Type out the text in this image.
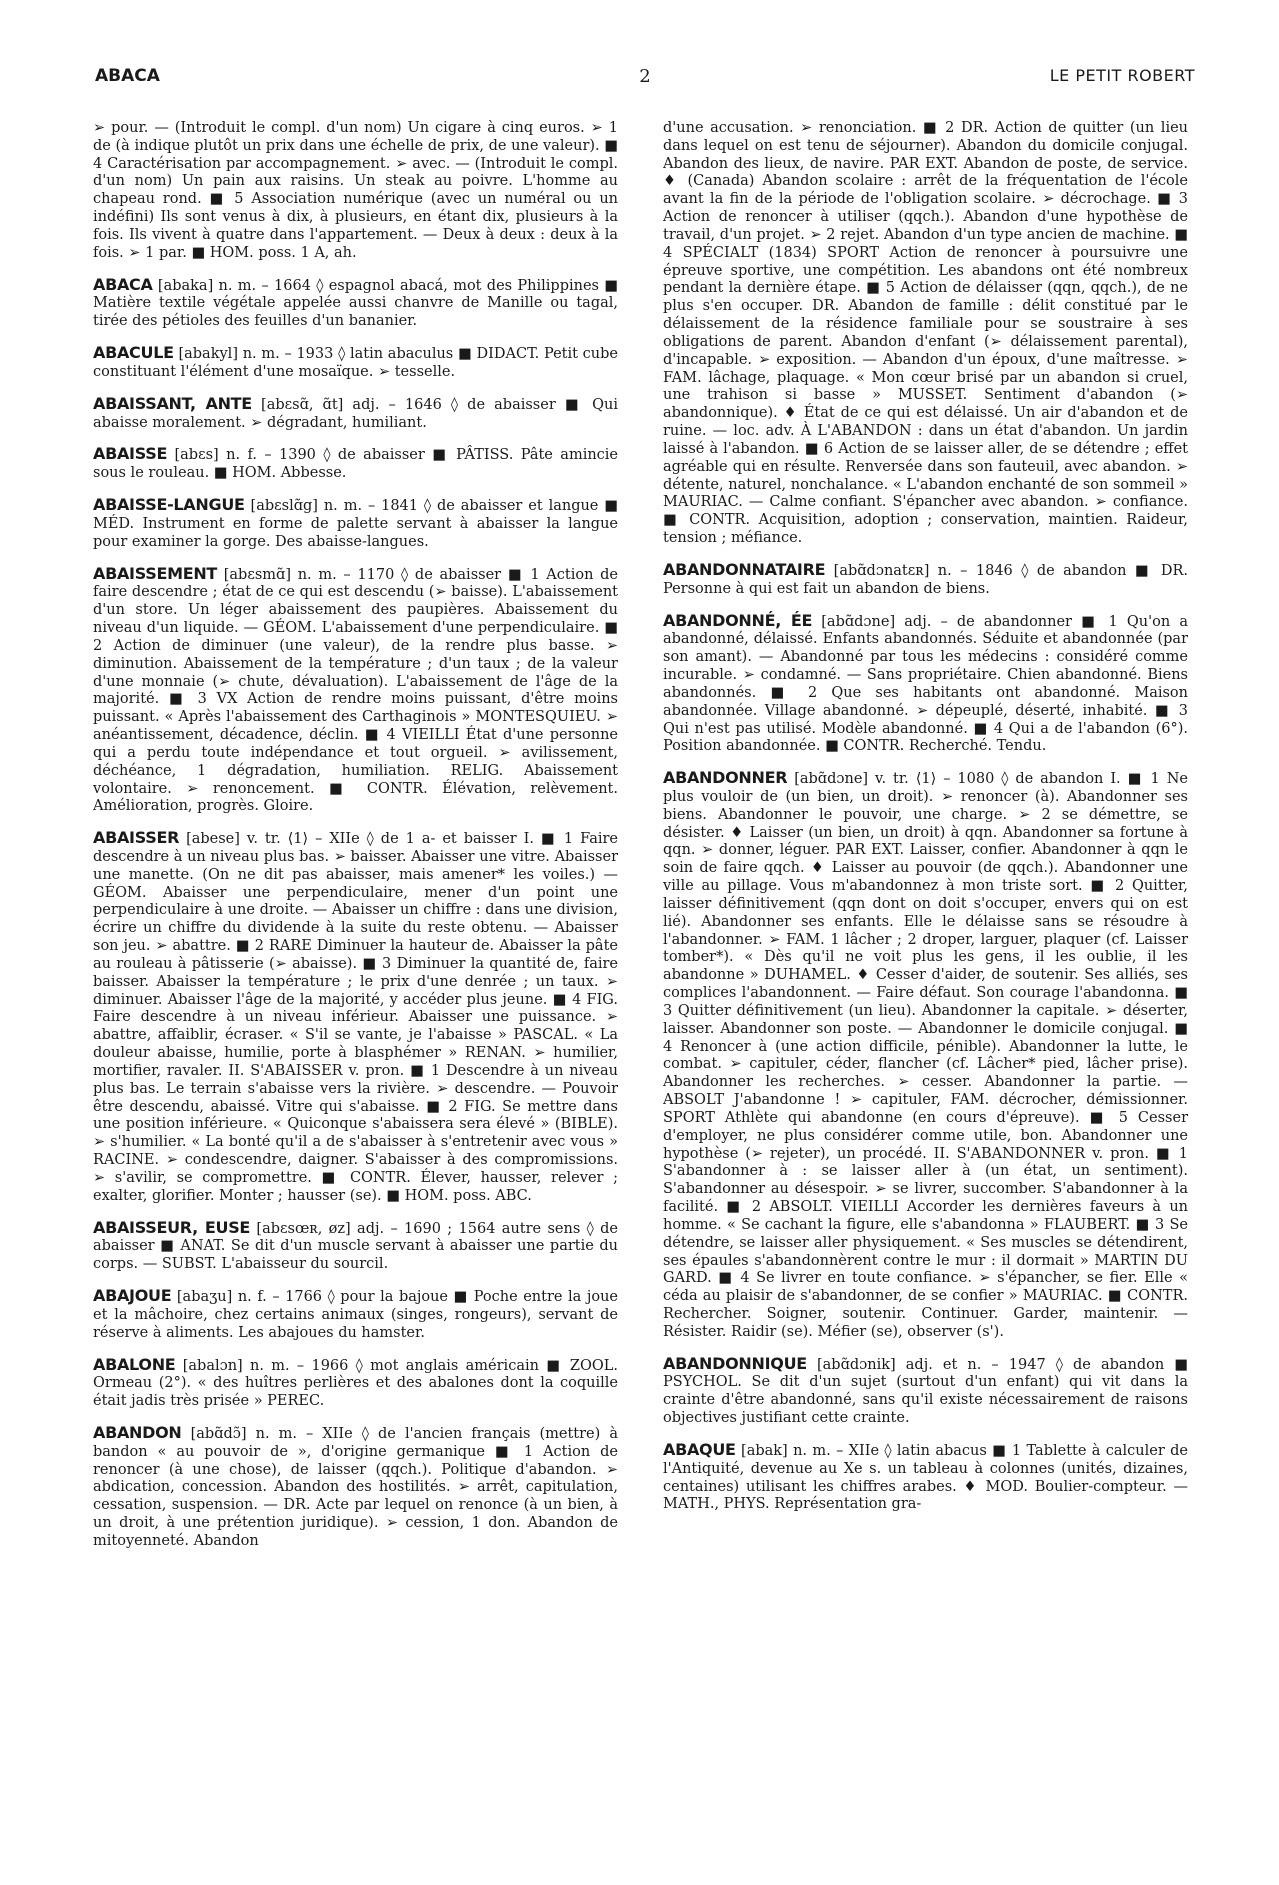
ABACA	2	LE PETIT ROBERT

➢ pour. — (Introduit le compl. d'un nom) Un cigare à cinq euros. ➢ 1 de (à indique plutôt un prix dans une échelle de prix, de une valeur). ■ 4 Caractérisation par accompagnement. ➢ avec. — (Introduit le compl. d'un nom) Un pain aux raisins. Un steak au poivre. L'homme au chapeau rond. ■ 5 Association numérique (avec un numéral ou un indéfini) Ils sont venus à dix, à plusieurs, en étant dix, plusieurs à la fois. Ils vivent à quatre dans l'appartement. — Deux à deux : deux à la fois. ➢ 1 par. ■ HOM. poss. 1 A, ah.

ABACA [abaka] n. m. – 1664 ◊ espagnol abacá, mot des Philippines ■ Matière textile végétale appelée aussi chanvre de Manille ou tagal, tirée des pétioles des feuilles d'un bananier.

ABACULE [abakyl] n. m. – 1933 ◊ latin abaculus ■ DIDACT. Petit cube constituant l'élément d'une mosaïque. ➢ tesselle.

ABAISSANT, ANTE [abɛsɑ̃, ɑ̃t] adj. – 1646 ◊ de abaisser ■ Qui abaisse moralement. ➢ dégradant, humiliant.

ABAISSE [abɛs] n. f. – 1390 ◊ de abaisser ■ PÂTISS. Pâte amincie sous le rouleau. ■ HOM. Abbesse.

ABAISSE-LANGUE [abɛslɑ̃g] n. m. – 1841 ◊ de abaisser et langue ■ MÉD. Instrument en forme de palette servant à abaisser la langue pour examiner la gorge. Des abaisse-langues.

ABAISSEMENT [abɛsmɑ̃] n. m. – 1170 ◊ de abaisser ■ 1 Action de faire descendre ; état de ce qui est descendu (➢ baisse). L'abaissement d'un store. Un léger abaissement des paupières. Abaissement du niveau d'un liquide. — GÉOM. L'abaissement d'une perpendiculaire. ■ 2 Action de diminuer (une valeur), de la rendre plus basse. ➢ diminution. Abaissement de la température ; d'un taux ; de la valeur d'une monnaie (➢ chute, dévaluation). L'abaissement de l'âge de la majorité. ■ 3 VX Action de rendre moins puissant, d'être moins puissant. « Après l'abaissement des Carthaginois » MONTESQUIEU. ➢ anéantissement, décadence, déclin. ■ 4 VIEILLI État d'une personne qui a perdu toute indépendance et tout orgueil. ➢ avilissement, déchéance, 1 dégradation, humiliation. RELIG. Abaissement volontaire. ➢ renoncement. ■ CONTR. Élévation, relèvement. Amélioration, progrès. Gloire.

ABAISSER [abese] v. tr. ⟨1⟩ – XIIe ◊ de 1 a- et baisser I. ■ 1 Faire descendre à un niveau plus bas. ➢ baisser. Abaisser une vitre. Abaisser une manette. (On ne dit pas abaisser, mais amener* les voiles.) — GÉOM. Abaisser une perpendiculaire, mener d'un point une perpendiculaire à une droite. — Abaisser un chiffre : dans une division, écrire un chiffre du dividende à la suite du reste obtenu. — Abaisser son jeu. ➢ abattre. ■ 2 RARE Diminuer la hauteur de. Abaisser la pâte au rouleau à pâtisserie (➢ abaisse). ■ 3 Diminuer la quantité de, faire baisser. Abaisser la température ; le prix d'une denrée ; un taux. ➢ diminuer. Abaisser l'âge de la majorité, y accéder plus jeune. ■ 4 FIG. Faire descendre à un niveau inférieur. Abaisser une puissance. ➢ abattre, affaiblir, écraser. « S'il se vante, je l'abaisse » PASCAL. « La douleur abaisse, humilie, porte à blasphémer » RENAN. ➢ humilier, mortifier, ravaler. II. S'ABAISSER v. pron. ■ 1 Descendre à un niveau plus bas. Le terrain s'abaisse vers la rivière. ➢ descendre. — Pouvoir être descendu, abaissé. Vitre qui s'abaisse. ■ 2 FIG. Se mettre dans une position inférieure. « Quiconque s'abaissera sera élevé » (BIBLE). ➢ s'humilier. « La bonté qu'il a de s'abaisser à s'entretenir avec vous » RACINE. ➢ condescendre, daigner. S'abaisser à des compromissions. ➢ s'avilir, se compromettre. ■ CONTR. Élever, hausser, relever ; exalter, glorifier. Monter ; hausser (se). ■ HOM. poss. ABC.

ABAISSEUR, EUSE [abɛsœʀ, øz] adj. – 1690 ; 1564 autre sens ◊ de abaisser ■ ANAT. Se dit d'un muscle servant à abaisser une partie du corps. — SUBST. L'abaisseur du sourcil.

ABAJOUE [abaʒu] n. f. – 1766 ◊ pour la bajoue ■ Poche entre la joue et la mâchoire, chez certains animaux (singes, rongeurs), servant de réserve à aliments. Les abajoues du hamster.

ABALONE [abalɔn] n. m. – 1966 ◊ mot anglais américain ■ ZOOL. Ormeau (2°). « des huîtres perlières et des abalones dont la coquille était jadis très prisée » PEREC.

ABANDON [abɑ̃dɔ̃] n. m. – XIIe ◊ de l'ancien français (mettre) à bandon « au pouvoir de », d'origine germanique ■ 1 Action de renoncer (à une chose), de laisser (qqch.). Politique d'abandon. ➢ abdication, concession. Abandon des hostilités. ➢ arrêt, capitulation, cessation, suspension. — DR. Acte par lequel on renonce (à un bien, à un droit, à une prétention juridique). ➢ cession, 1 don. Abandon de mitoyenneté. Abandon

d'une accusation. ➢ renonciation. ■ 2 DR. Action de quitter (un lieu dans lequel on est tenu de séjourner). Abandon du domicile conjugal. Abandon des lieux, de navire. PAR EXT. Abandon de poste, de service. ♦ (Canada) Abandon scolaire : arrêt de la fréquentation de l'école avant la fin de la période de l'obligation scolaire. ➢ décrochage. ■ 3 Action de renoncer à utiliser (qqch.). Abandon d'une hypothèse de travail, d'un projet. ➢ 2 rejet. Abandon d'un type ancien de machine. ■ 4 SPÉCIALT (1834) SPORT Action de renoncer à poursuivre une épreuve sportive, une compétition. Les abandons ont été nombreux pendant la dernière étape. ■ 5 Action de délaisser (qqn, qqch.), de ne plus s'en occuper. DR. Abandon de famille : délit constitué par le délaissement de la résidence familiale pour se soustraire à ses obligations de parent. Abandon d'enfant (➢ délaissement parental), d'incapable. ➢ exposition. — Abandon d'un époux, d'une maîtresse. ➢ FAM. lâchage, plaquage. « Mon cœur brisé par un abandon si cruel, une trahison si basse » MUSSET. Sentiment d'abandon (➢ abandonnique). ♦ État de ce qui est délaissé. Un air d'abandon et de ruine. — loc. adv. À L'ABANDON : dans un état d'abandon. Un jardin laissé à l'abandon. ■ 6 Action de se laisser aller, de se détendre ; effet agréable qui en résulte. Renversée dans son fauteuil, avec abandon. ➢ détente, naturel, nonchalance. « L'abandon enchanté de son sommeil » MAURIAC. — Calme confiant. S'épancher avec abandon. ➢ confiance. ■ CONTR. Acquisition, adoption ; conservation, maintien. Raideur, tension ; méfiance.

ABANDONNATAIRE [abɑ̃dɔnatɛʀ] n. – 1846 ◊ de abandon ■ DR. Personne à qui est fait un abandon de biens.

ABANDONNÉ, ÉE [abɑ̃dɔne] adj. – de abandonner ■ 1 Qu'on a abandonné, délaissé. Enfants abandonnés. Séduite et abandonnée (par son amant). — Abandonné par tous les médecins : considéré comme incurable. ➢ condamné. — Sans propriétaire. Chien abandonné. Biens abandonnés. ■ 2 Que ses habitants ont abandonné. Maison abandonnée. Village abandonné. ➢ dépeuplé, déserté, inhabité. ■ 3 Qui n'est pas utilisé. Modèle abandonné. ■ 4 Qui a de l'abandon (6°). Position abandonnée. ■ CONTR. Recherché. Tendu.

ABANDONNER [abɑ̃dɔne] v. tr. ⟨1⟩ – 1080 ◊ de abandon I. ■ 1 Ne plus vouloir de (un bien, un droit). ➢ renoncer (à). Abandonner ses biens. Abandonner le pouvoir, une charge. ➢ 2 se démettre, se désister. ♦ Laisser (un bien, un droit) à qqn. Abandonner sa fortune à qqn. ➢ donner, léguer. PAR EXT. Laisser, confier. Abandonner à qqn le soin de faire qqch. ♦ Laisser au pouvoir (de qqch.). Abandonner une ville au pillage. Vous m'abandonnez à mon triste sort. ■ 2 Quitter, laisser définitivement (qqn dont on doit s'occuper, envers qui on est lié). Abandonner ses enfants. Elle le délaisse sans se résoudre à l'abandonner. ➢ FAM. 1 lâcher ; 2 droper, larguer, plaquer (cf. Laisser tomber*). « Dès qu'il ne voit plus les gens, il les oublie, il les abandonne » DUHAMEL. ♦ Cesser d'aider, de soutenir. Ses alliés, ses complices l'abandonnent. — Faire défaut. Son courage l'abandonna. ■ 3 Quitter définitivement (un lieu). Abandonner la capitale. ➢ déserter, laisser. Abandonner son poste. — Abandonner le domicile conjugal. ■ 4 Renoncer à (une action difficile, pénible). Abandonner la lutte, le combat. ➢ capituler, céder, flancher (cf. Lâcher* pied, lâcher prise). Abandonner les recherches. ➢ cesser. Abandonner la partie. — ABSOLT J'abandonne ! ➢ capituler, FAM. décrocher, démissionner. SPORT Athlète qui abandonne (en cours d'épreuve). ■ 5 Cesser d'employer, ne plus considérer comme utile, bon. Abandonner une hypothèse (➢ rejeter), un procédé. II. S'ABANDONNER v. pron. ■ 1 S'abandonner à : se laisser aller à (un état, un sentiment). S'abandonner au désespoir. ➢ se livrer, succomber. S'abandonner à la facilité. ■ 2 ABSOLT. VIEILLI Accorder les dernières faveurs à un homme. « Se cachant la figure, elle s'abandonna » FLAUBERT. ■ 3 Se détendre, se laisser aller physiquement. « Ses muscles se détendirent, ses épaules s'abandonnèrent contre le mur : il dormait » MARTIN DU GARD. ■ 4 Se livrer en toute confiance. ➢ s'épancher, se fier. Elle « céda au plaisir de s'abandonner, de se confier » MAURIAC. ■ CONTR. Rechercher. Soigner, soutenir. Continuer. Garder, maintenir. — Résister. Raidir (se). Méfier (se), observer (s').

ABANDONNIQUE [abɑ̃dɔnik] adj. et n. – 1947 ◊ de abandon ■ PSYCHOL. Se dit d'un sujet (surtout d'un enfant) qui vit dans la crainte d'être abandonné, sans qu'il existe nécessairement de raisons objectives justifiant cette crainte.

ABAQUE [abak] n. m. – XIIe ◊ latin abacus ■ 1 Tablette à calculer de l'Antiquité, devenue au Xe s. un tableau à colonnes (unités, dizaines, centaines) utilisant les chiffres arabes. ♦ MOD. Boulier-compteur. — MATH., PHYS. Représentation gra-
